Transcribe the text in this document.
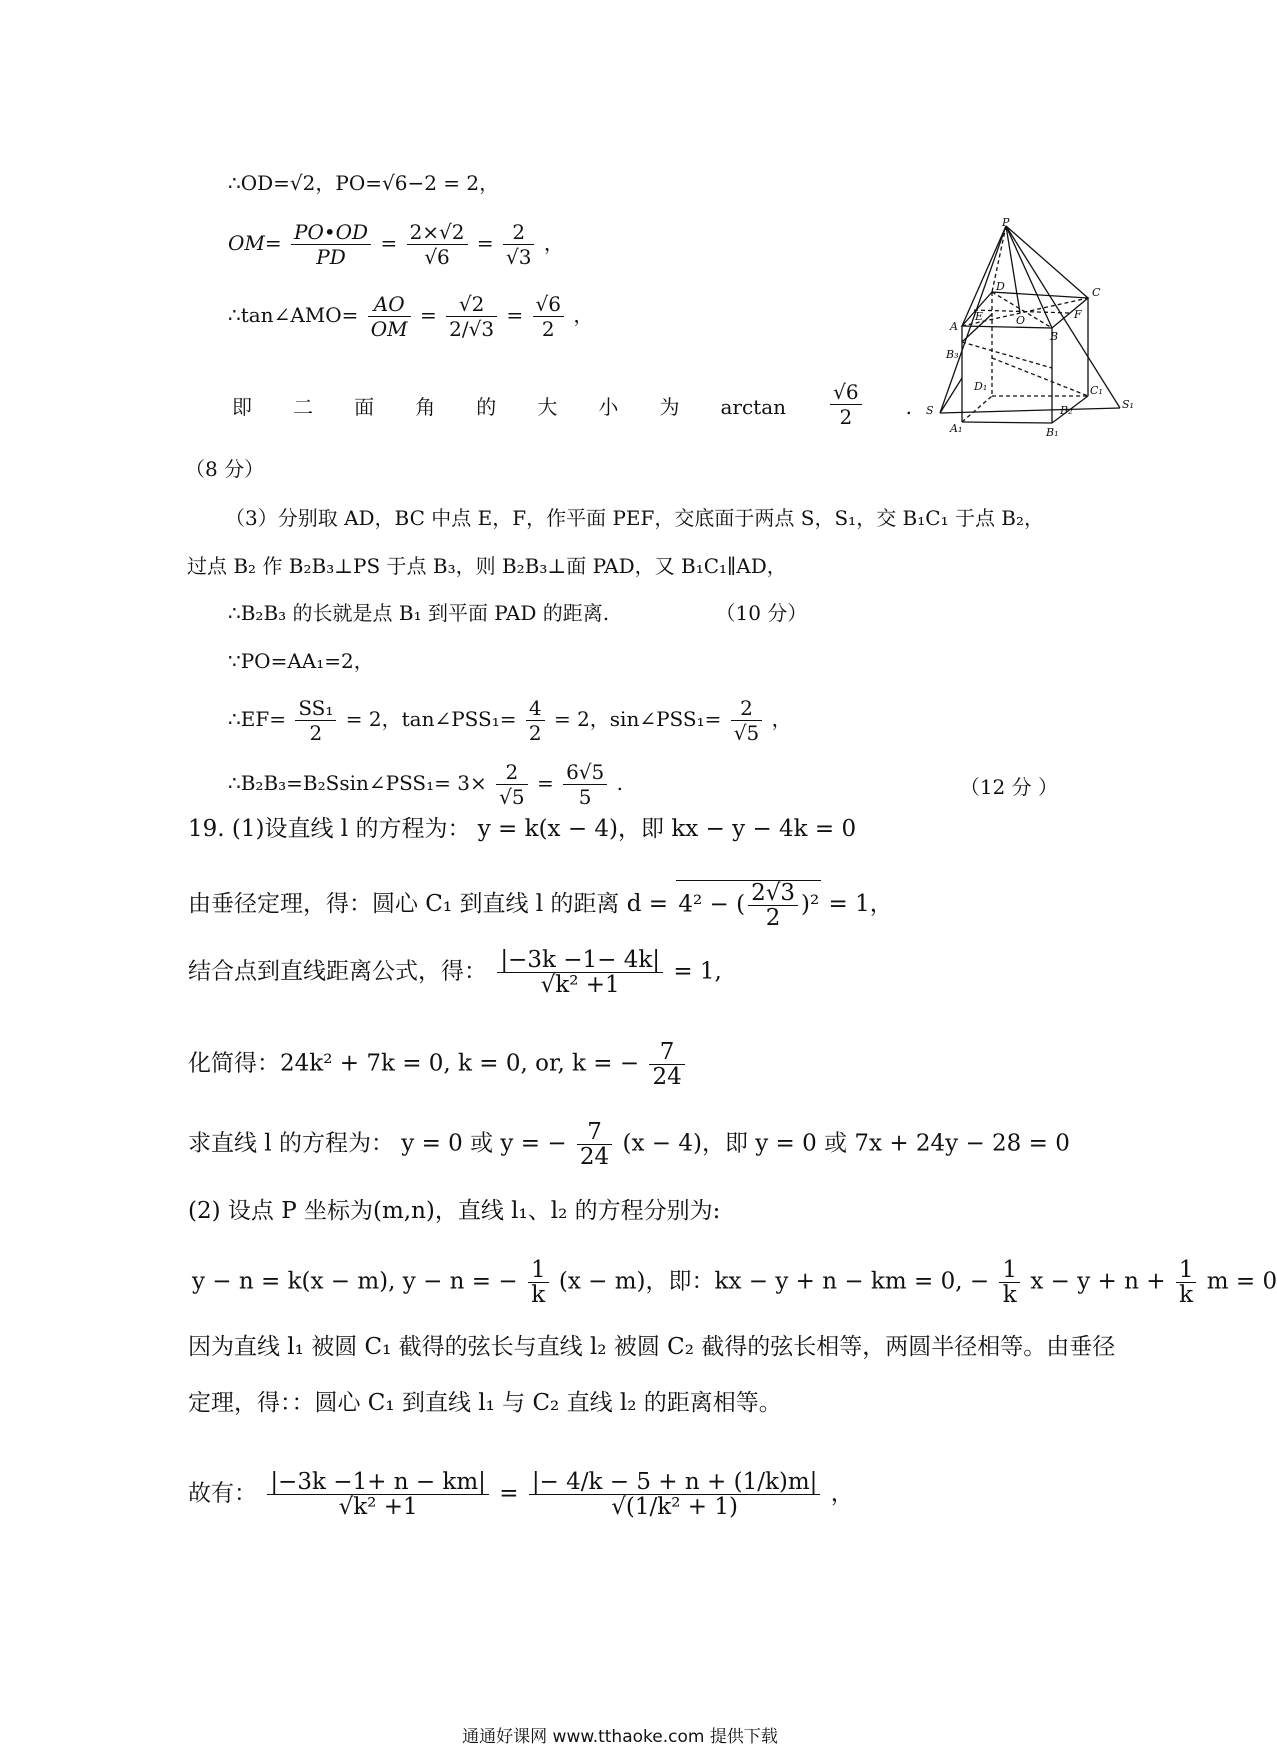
∴OD=√2，PO=√6−2 = 2，
$OM= \frac{PO•OD}{PD} = \frac{2\times√2}{√6} = \frac{2}{√3}$ ，
∴tan∠AMO= $\frac{AO}{OM} = \frac{√2}{2/√3} = \frac{√6}{2}$ ，
即 二 面 角 的 大 小 为 $\arctan \frac{√6}{2}$ .
（8 分）
（3）分别取 AD，BC 中点 E，F，作平面 PEF，交底面于两点 S，S₁，交 B₁C₁ 于点 B₂，
过点 B₂ 作 B₂B₃⊥PS 于点 B₃，则 B₂B₃⊥面 PAD，又 B₁C₁∥AD，
∴B₂B₃ 的长就是点 B₁ 到平面 PAD 的距离.	（10 分）
∵PO=AA₁=2，
∴EF= $\frac{\text{SS₁}}{2} = 2$，tan∠PSS₁= $\frac{4}{2} = 2$，sin∠PSS₁= $\frac{2}{√5}$ ，
∴B₂B₃=B₂Ssin∠PSS₁= $3\times \frac{2}{√5} = \frac{6√5}{5}$ .	（12 分 ）
19. (1)设直线 l 的方程为： y = k(x − 4)，即 kx − y − 4k = 0
由垂径定理，得：圆心 C₁ 到直线 l 的距离 d = 4² − ( $\frac{2√3}{2} )^2 = 1$，
结合点到直线距离公式，得： $\frac{|-3k -1- 4k|}{\text{√k² +1}} = 1$,
化简得：24k² + 7k = 0, k = 0, or, k = − $\frac{7}{24}$
求直线 l 的方程为： y = 0 或 y = − $\frac{7}{24} (x - 4)$，即 y = 0 或 7x + 24y − 28 = 0
(2) 设点 P 坐标为(m,n)，直线 l₁、l₂ 的方程分别为:
y − n = k(x − m), y − n = − $\frac{1}{k} (x - m)$，即：kx − y + n − km = 0, − $\frac{1}{k}$ $x - y + n + \frac{1}{k}$ m = 0
因为直线 l₁ 被圆 C₁ 截得的弦长与直线 l₂ 被圆 C₂ 截得的弦长相等，两圆半径相等。由垂径
定理，得：：圆心 C₁ 到直线 l₁ 与 C₂ 直线 l₂ 的距离相等。
故有： $\frac{|-3k -1+ n - km|}{\text{√k² +1}} = \frac{|- 4/k - 5 + n + (1/k)m|}{\text{√(1/k² + 1)}}$ ，
P
D	C
A
E	O	F
B
B₃
D₁	C₁
S	S₁
A₁	B₁
B₂
通通好课网 www.tthaoke.com 提供下载
